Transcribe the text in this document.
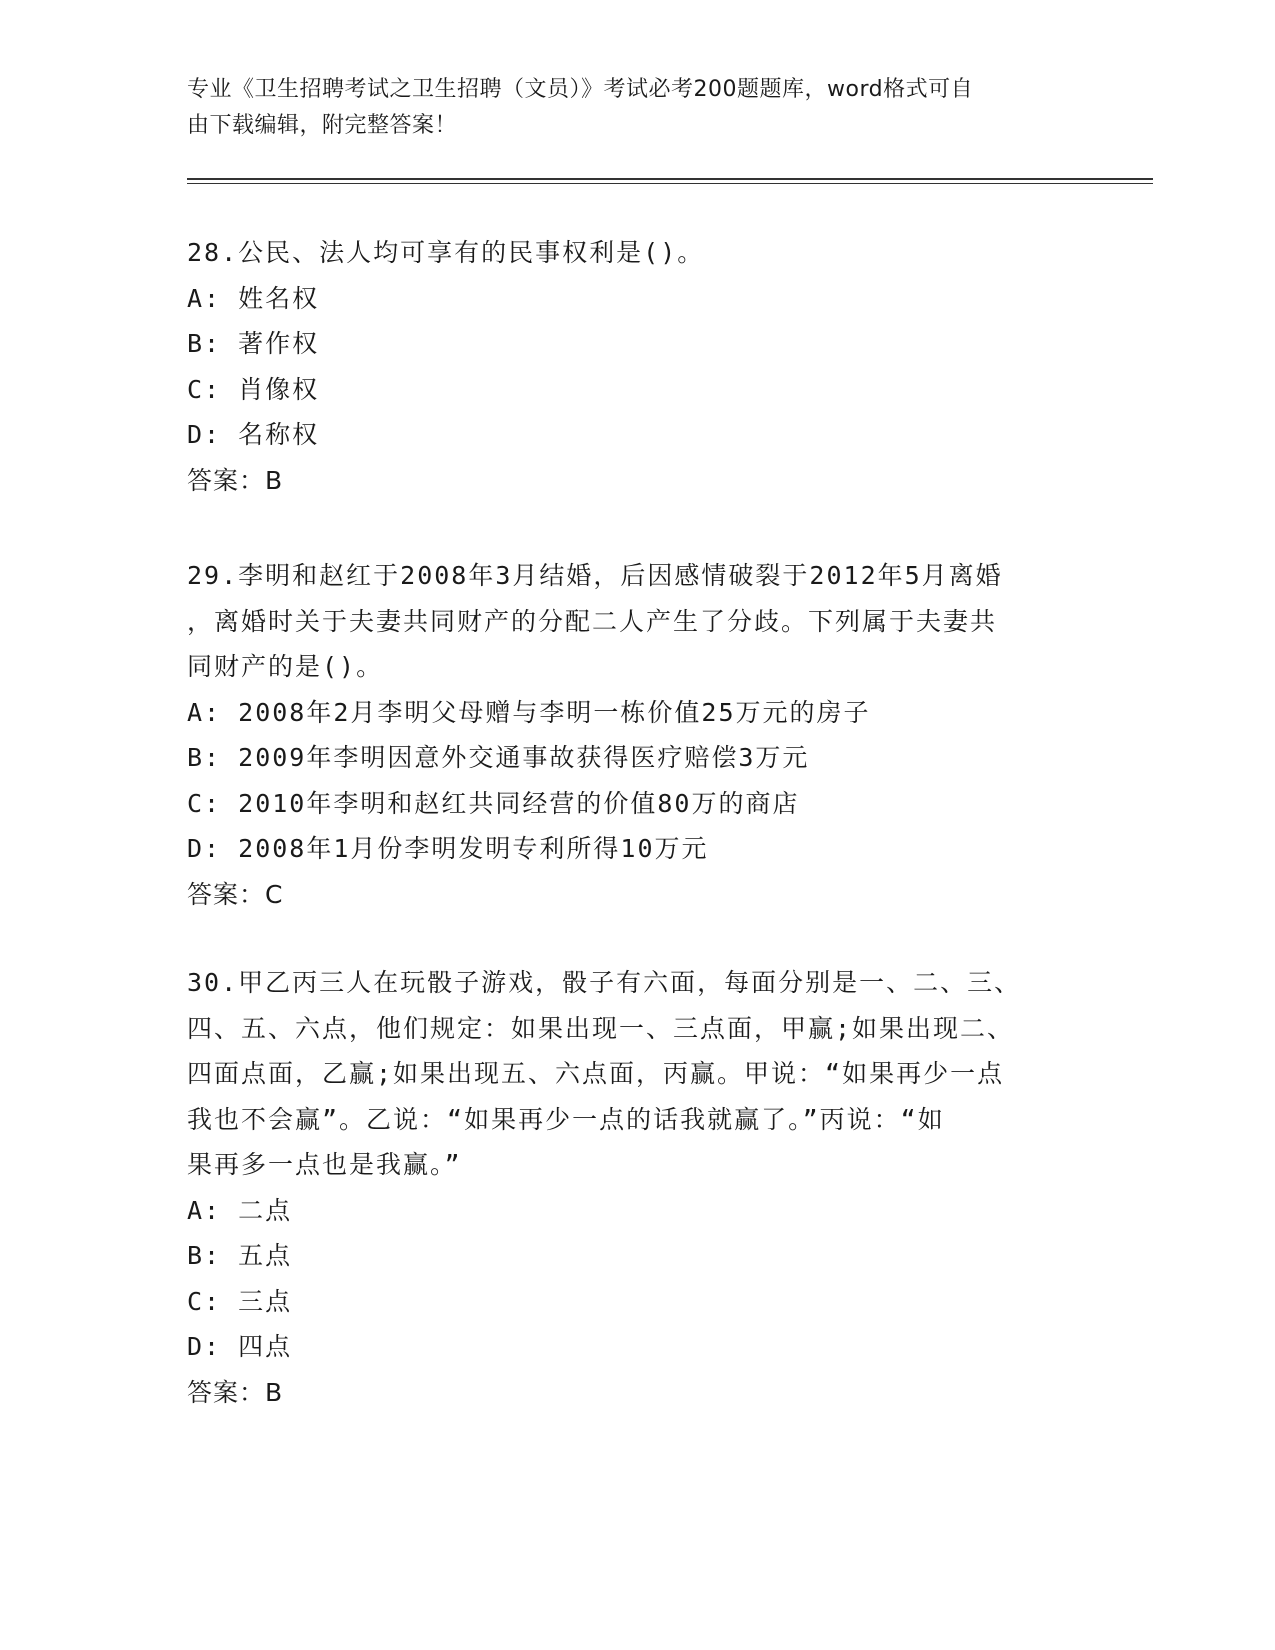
专业《卫生招聘考试之卫生招聘（文员）》考试必考200题题库，word格式可自
由下载编辑，附完整答案！
28.公民、法人均可享有的民事权利是()。
A: 姓名权
B: 著作权
C: 肖像权
D: 名称权
答案：B
29.李明和赵红于2008年3月结婚，后因感情破裂于2012年5月离婚
，离婚时关于夫妻共同财产的分配二人产生了分歧。下列属于夫妻共
同财产的是()。
A: 2008年2月李明父母赠与李明一栋价值25万元的房子
B: 2009年李明因意外交通事故获得医疗赔偿3万元
C: 2010年李明和赵红共同经营的价值80万的商店
D: 2008年1月份李明发明专利所得10万元
答案：C
30.甲乙丙三人在玩骰子游戏，骰子有六面，每面分别是一、二、三、
四、五、六点，他们规定：如果出现一、三点面，甲赢;如果出现二、
四面点面，乙赢;如果出现五、六点面，丙赢。甲说：“如果再少一点
我也不会赢”。乙说：“如果再少一点的话我就赢了。”丙说：“如
果再多一点也是我赢。”
A: 二点
B: 五点
C: 三点
D: 四点
答案：B
